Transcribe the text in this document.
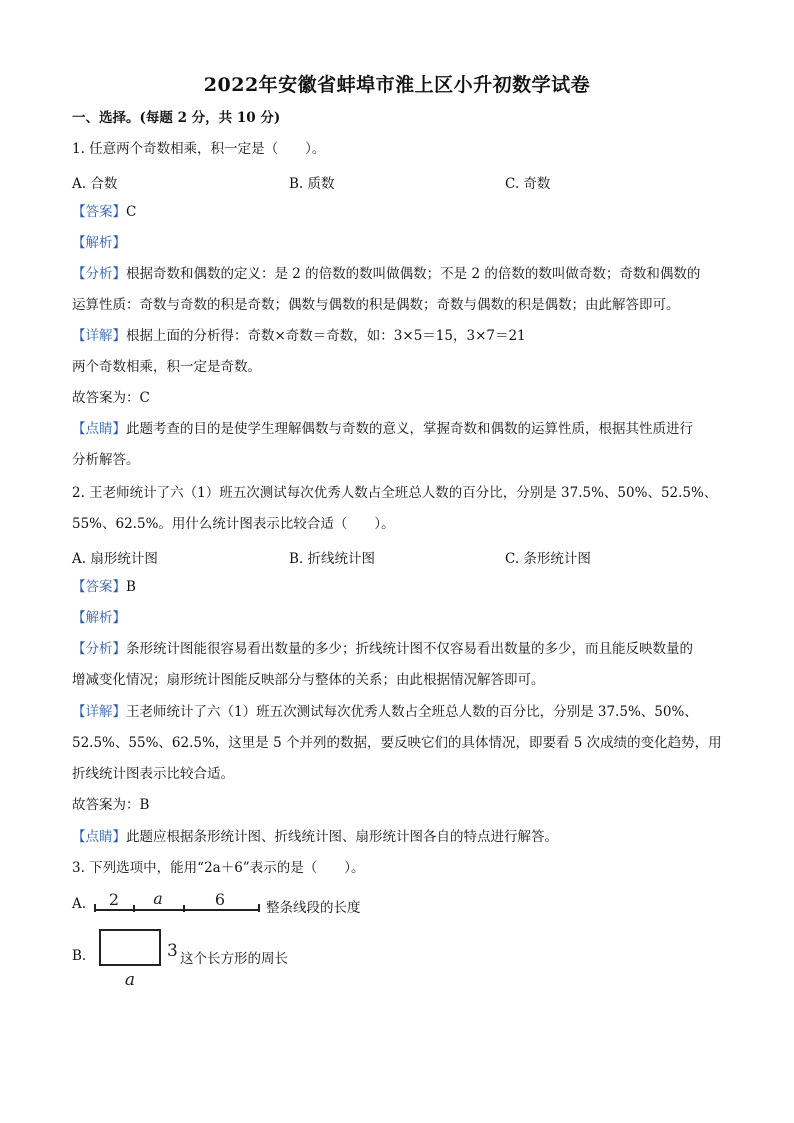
2022年安徽省蚌埠市淮上区小升初数学试卷
一、选择。(每题 2 分，共 10 分)
1. 任意两个奇数相乘，积一定是（　　）。
A. 合数	B. 质数	C. 奇数
【答案】C
【解析】
【分析】根据奇数和偶数的定义：是 2 的倍数的数叫做偶数；不是 2 的倍数的数叫做奇数；奇数和偶数的
运算性质：奇数与奇数的积是奇数；偶数与偶数的积是偶数；奇数与偶数的积是偶数；由此解答即可。
【详解】根据上面的分析得：奇数×奇数＝奇数，如：3×5＝15，3×7＝21
两个奇数相乘，积一定是奇数。
故答案为：C
【点睛】此题考查的目的是使学生理解偶数与奇数的意义，掌握奇数和偶数的运算性质，根据其性质进行
分析解答。
2. 王老师统计了六（1）班五次测试每次优秀人数占全班总人数的百分比，分别是 37.5%、50%、52.5%、
55%、62.5%。用什么统计图表示比较合适（　　）。
A. 扇形统计图	B. 折线统计图	C. 条形统计图
【答案】B
【解析】
【分析】条形统计图能很容易看出数量的多少；折线统计图不仅容易看出数量的多少，而且能反映数量的
增减变化情况；扇形统计图能反映部分与整体的关系；由此根据情况解答即可。
【详解】王老师统计了六（1）班五次测试每次优秀人数占全班总人数的百分比，分别是 37.5%、50%、
52.5%、55%、62.5%，这里是 5 个并列的数据，要反映它们的具体情况，即要看 5 次成绩的变化趋势，用
折线统计图表示比较合适。
故答案为：B
【点睛】此题应根据条形统计图、折线统计图、扇形统计图各自的特点进行解答。
3. 下列选项中，能用“2a＋6”表示的是（　　）。
A. 2 a	6	整条线段的长度
B.	3
a
这个长方形的周长
